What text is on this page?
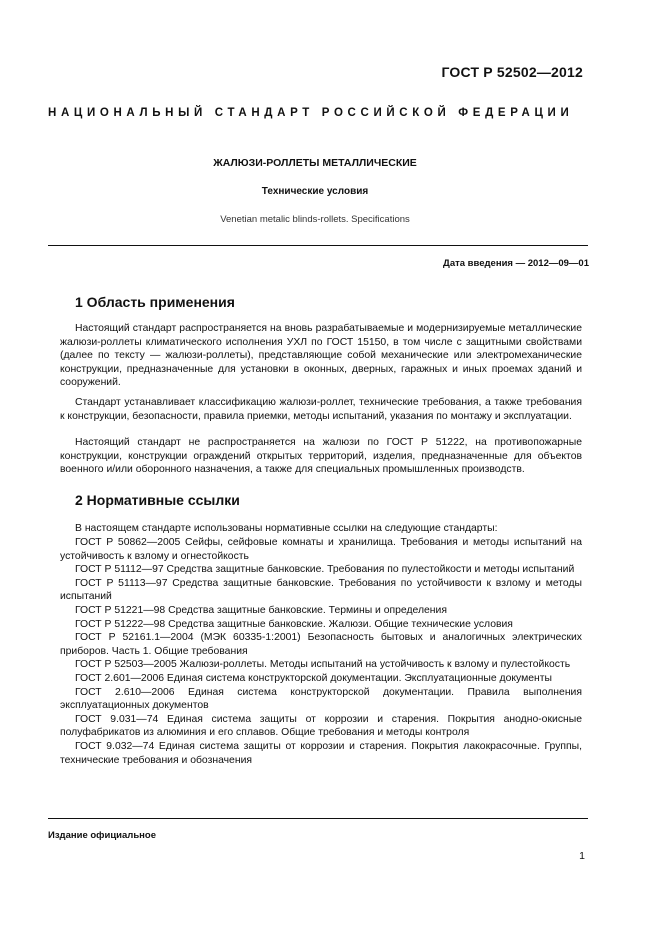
ГОСТ Р 52502—2012
НАЦИОНАЛЬНЫЙ СТАНДАРТ РОССИЙСКОЙ ФЕДЕРАЦИИ
ЖАЛЮЗИ-РОЛЛЕТЫ МЕТАЛЛИЧЕСКИЕ
Технические условия
Venetian metalic blinds-rollets. Specifications
Дата введения — 2012—09—01
1 Область применения

Настоящий стандарт распространяется на вновь разрабатываемые и модернизируемые металлические жалюзи-роллеты климатического исполнения УХЛ по ГОСТ 15150, в том числе с защитными свойствами (далее по тексту — жалюзи-роллеты), представляющие собой механические или электромеханические конструкции, предназначенные для установки в оконных, дверных, гаражных и иных проемах зданий и сооружений.

Стандарт устанавливает классификацию жалюзи-роллет, технические требования, а также требования к конструкции, безопасности, правила приемки, методы испытаний, указания по монтажу и эксплуатации.

Настоящий стандарт не распространяется на жалюзи по ГОСТ Р 51222, на противопожарные конструкции, конструкции ограждений открытых территорий, изделия, предназначенные для объектов военного и/или оборонного назначения, а также для специальных промышленных производств.

2 Нормативные ссылки

В настоящем стандарте использованы нормативные ссылки на следующие стандарты:

ГОСТ Р 50862—2005 Сейфы, сейфовые комнаты и хранилища. Требования и методы испытаний на устойчивость к взлому и огнестойкость
ГОСТ Р 51112—97 Средства защитные банковские. Требования по пулестойкости и методы испытаний
ГОСТ Р 51113—97 Средства защитные банковские. Требования по устойчивости к взлому и методы испытаний
ГОСТ Р 51221—98 Средства защитные банковские. Термины и определения
ГОСТ Р 51222—98 Средства защитные банковские. Жалюзи. Общие технические условия
ГОСТ Р 52161.1—2004 (МЭК 60335-1:2001) Безопасность бытовых и аналогичных электрических приборов. Часть 1. Общие требования
ГОСТ Р 52503—2005 Жалюзи-роллеты. Методы испытаний на устойчивость к взлому и пулестойкость
ГОСТ 2.601—2006 Единая система конструкторской документации. Эксплуатационные документы
ГОСТ 2.610—2006 Единая система конструкторской документации. Правила выполнения эксплуатационных документов
ГОСТ 9.031—74 Единая система защиты от коррозии и старения. Покрытия анодно-окисные полуфабрикатов из алюминия и его сплавов. Общие требования и методы контроля
ГОСТ 9.032—74 Единая система защиты от коррозии и старения. Покрытия лакокрасочные. Группы, технические требования и обозначения
Издание официальное
1
